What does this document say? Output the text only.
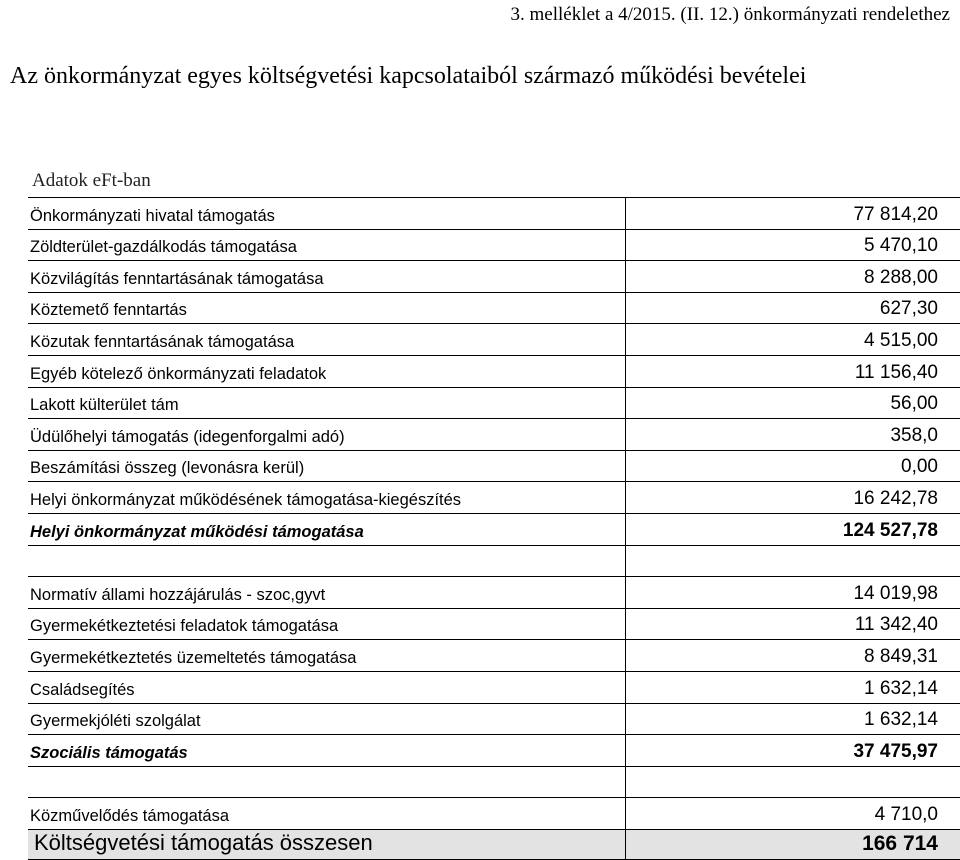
3. melléklet a 4/2015. (II. 12.) önkormányzati rendelethez
Az önkormányzat egyes költségvetési kapcsolataiból származó működési bevételei
Adatok eFt-ban
Önkormányzati hivatal támogatás	77 814,20
Zöldterület-gazdálkodás támogatása	5 470,10
Közvilágítás fenntartásának támogatása	8 288,00
Köztemető fenntartás	627,30
Közutak fenntartásának támogatása	4 515,00
Egyéb kötelező önkormányzati feladatok	11 156,40
Lakott külterület tám	56,00
Üdülőhelyi támogatás (idegenforgalmi adó)	358,0
Beszámítási összeg (levonásra kerül)	0,00
Helyi önkormányzat működésének támogatása-kiegészítés	16 242,78
Helyi önkormányzat működési támogatása	124 527,78
Normatív állami hozzájárulás - szoc,gyvt	14 019,98
Gyermekétkeztetési feladatok támogatása	11 342,40
Gyermekétkeztetés üzemeltetés támogatása	8 849,31
Családsegítés	1 632,14
Gyermekjóléti szolgálat	1 632,14
Szociális támogatás	37 475,97
Közművelődés támogatása	4 710,0
Költségvetési támogatás összesen	166 714
